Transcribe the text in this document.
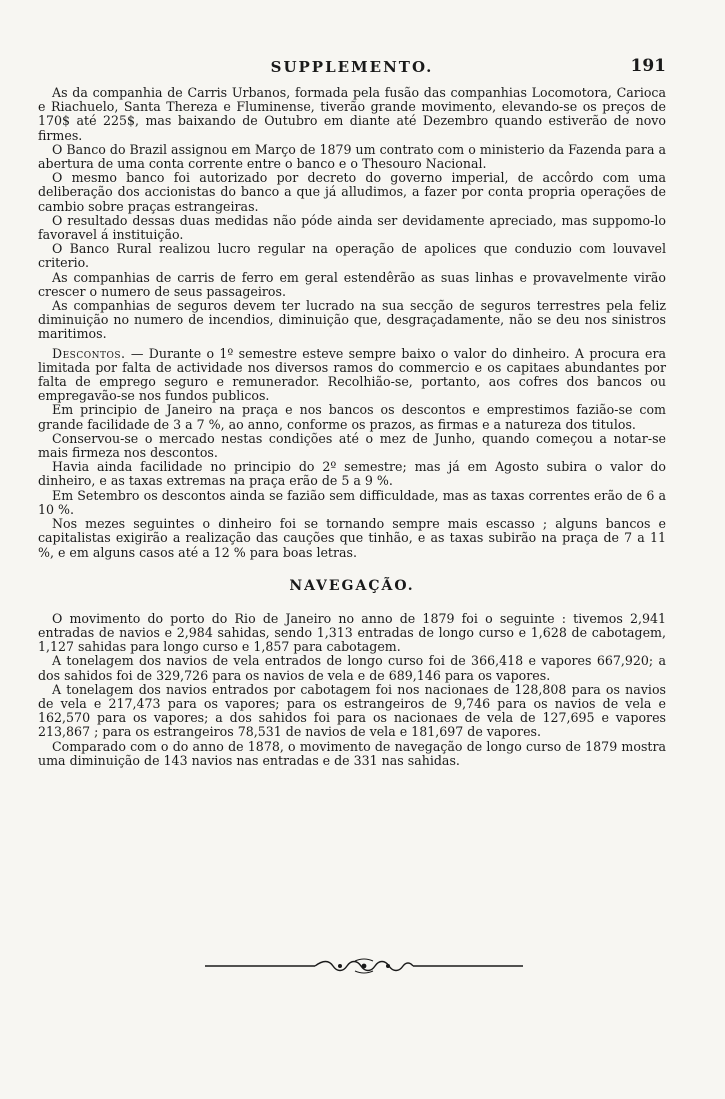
SUPPLEMENTO.	191

As da companhia de Carris Urbanos, formada pela fusão das companhias Locomotora, Carioca e Riachuelo, Santa Thereza e Fluminense, tiverão grande movimento, elevando-se os preços de 170$ até 225$, mas baixando de Outubro em diante até Dezembro quando estiverão de novo firmes.

O Banco do Brazil assignou em Março de 1879 um contrato com o ministerio da Fazenda para a abertura de uma conta corrente entre o banco e o Thesouro Nacional.

O mesmo banco foi autorizado por decreto do governo imperial, de accôrdo com uma deliberação dos accionistas do banco a que já alludimos, a fazer por conta propria operações de cambio sobre praças estrangeiras.

O resultado dessas duas medidas não póde ainda ser devidamente apreciado, mas suppomo-lo favoravel á instituição.

O Banco Rural realizou lucro regular na operação de apolices que conduzio com louvavel criterio.

As companhias de carris de ferro em geral estendêrão as suas linhas e provavelmente virão crescer o numero de seus passageiros.

As companhias de seguros devem ter lucrado na sua secção de seguros terrestres pela feliz diminuição no numero de incendios, diminuição que, desgraçadamente, não se deu nos sinistros maritimos.

Descontos. — Durante o 1º semestre esteve sempre baixo o valor do dinheiro. A procura era limitada por falta de actividade nos diversos ramos do commercio e os capitaes abundantes por falta de emprego seguro e remunerador. Recolhião-se, portanto, aos cofres dos bancos ou empregavão-se nos fundos publicos.

Em principio de Janeiro na praça e nos bancos os descontos e emprestimos fazião-se com grande facilidade de 3 a 7 %, ao anno, conforme os prazos, as firmas e a natureza dos titulos.

Conservou-se o mercado nestas condições até o mez de Junho, quando começou a notar-se mais firmeza nos descontos.

Havia ainda facilidade no principio do 2º semestre; mas já em Agosto subira o valor do dinheiro, e as taxas extremas na praça erão de 5 a 9 %.

Em Setembro os descontos ainda se fazião sem difficuldade, mas as taxas correntes erão de 6 a 10 %.

Nos mezes seguintes o dinheiro foi se tornando sempre mais escasso ; alguns bancos e capitalistas exigirão a realização das cauções que tinhão, e as taxas subirão na praça de 7 a 11 %, e em alguns casos até a 12 % para boas letras.

NAVEGAÇÃO.

O movimento do porto do Rio de Janeiro no anno de 1879 foi o seguinte : tivemos 2,941 entradas de navios e 2,984 sahidas, sendo 1,313 entradas de longo curso e 1,628 de cabotagem, 1,127 sahidas para longo curso e 1,857 para cabotagem.

A tonelagem dos navios de vela entrados de longo curso foi de 366,418 e vapores 667,920; a dos sahidos foi de 329,726 para os navios de vela e de 689,146 para os vapores.

A tonelagem dos navios entrados por cabotagem foi nos nacionaes de 128,808 para os navios de vela e 217,473 para os vapores; para os estrangeiros de 9,746 para os navios de vela e 162,570 para os vapores; a dos sahidos foi para os nacionaes de vela de 127,695 e vapores 213,867 ; para os estrangeiros 78,531 de navios de vela e 181,697 de vapores.

Comparado com o do anno de 1878, o movimento de navegação de longo curso de 1879 mostra uma diminuição de 143 navios nas entradas e de 331 nas sahidas.
